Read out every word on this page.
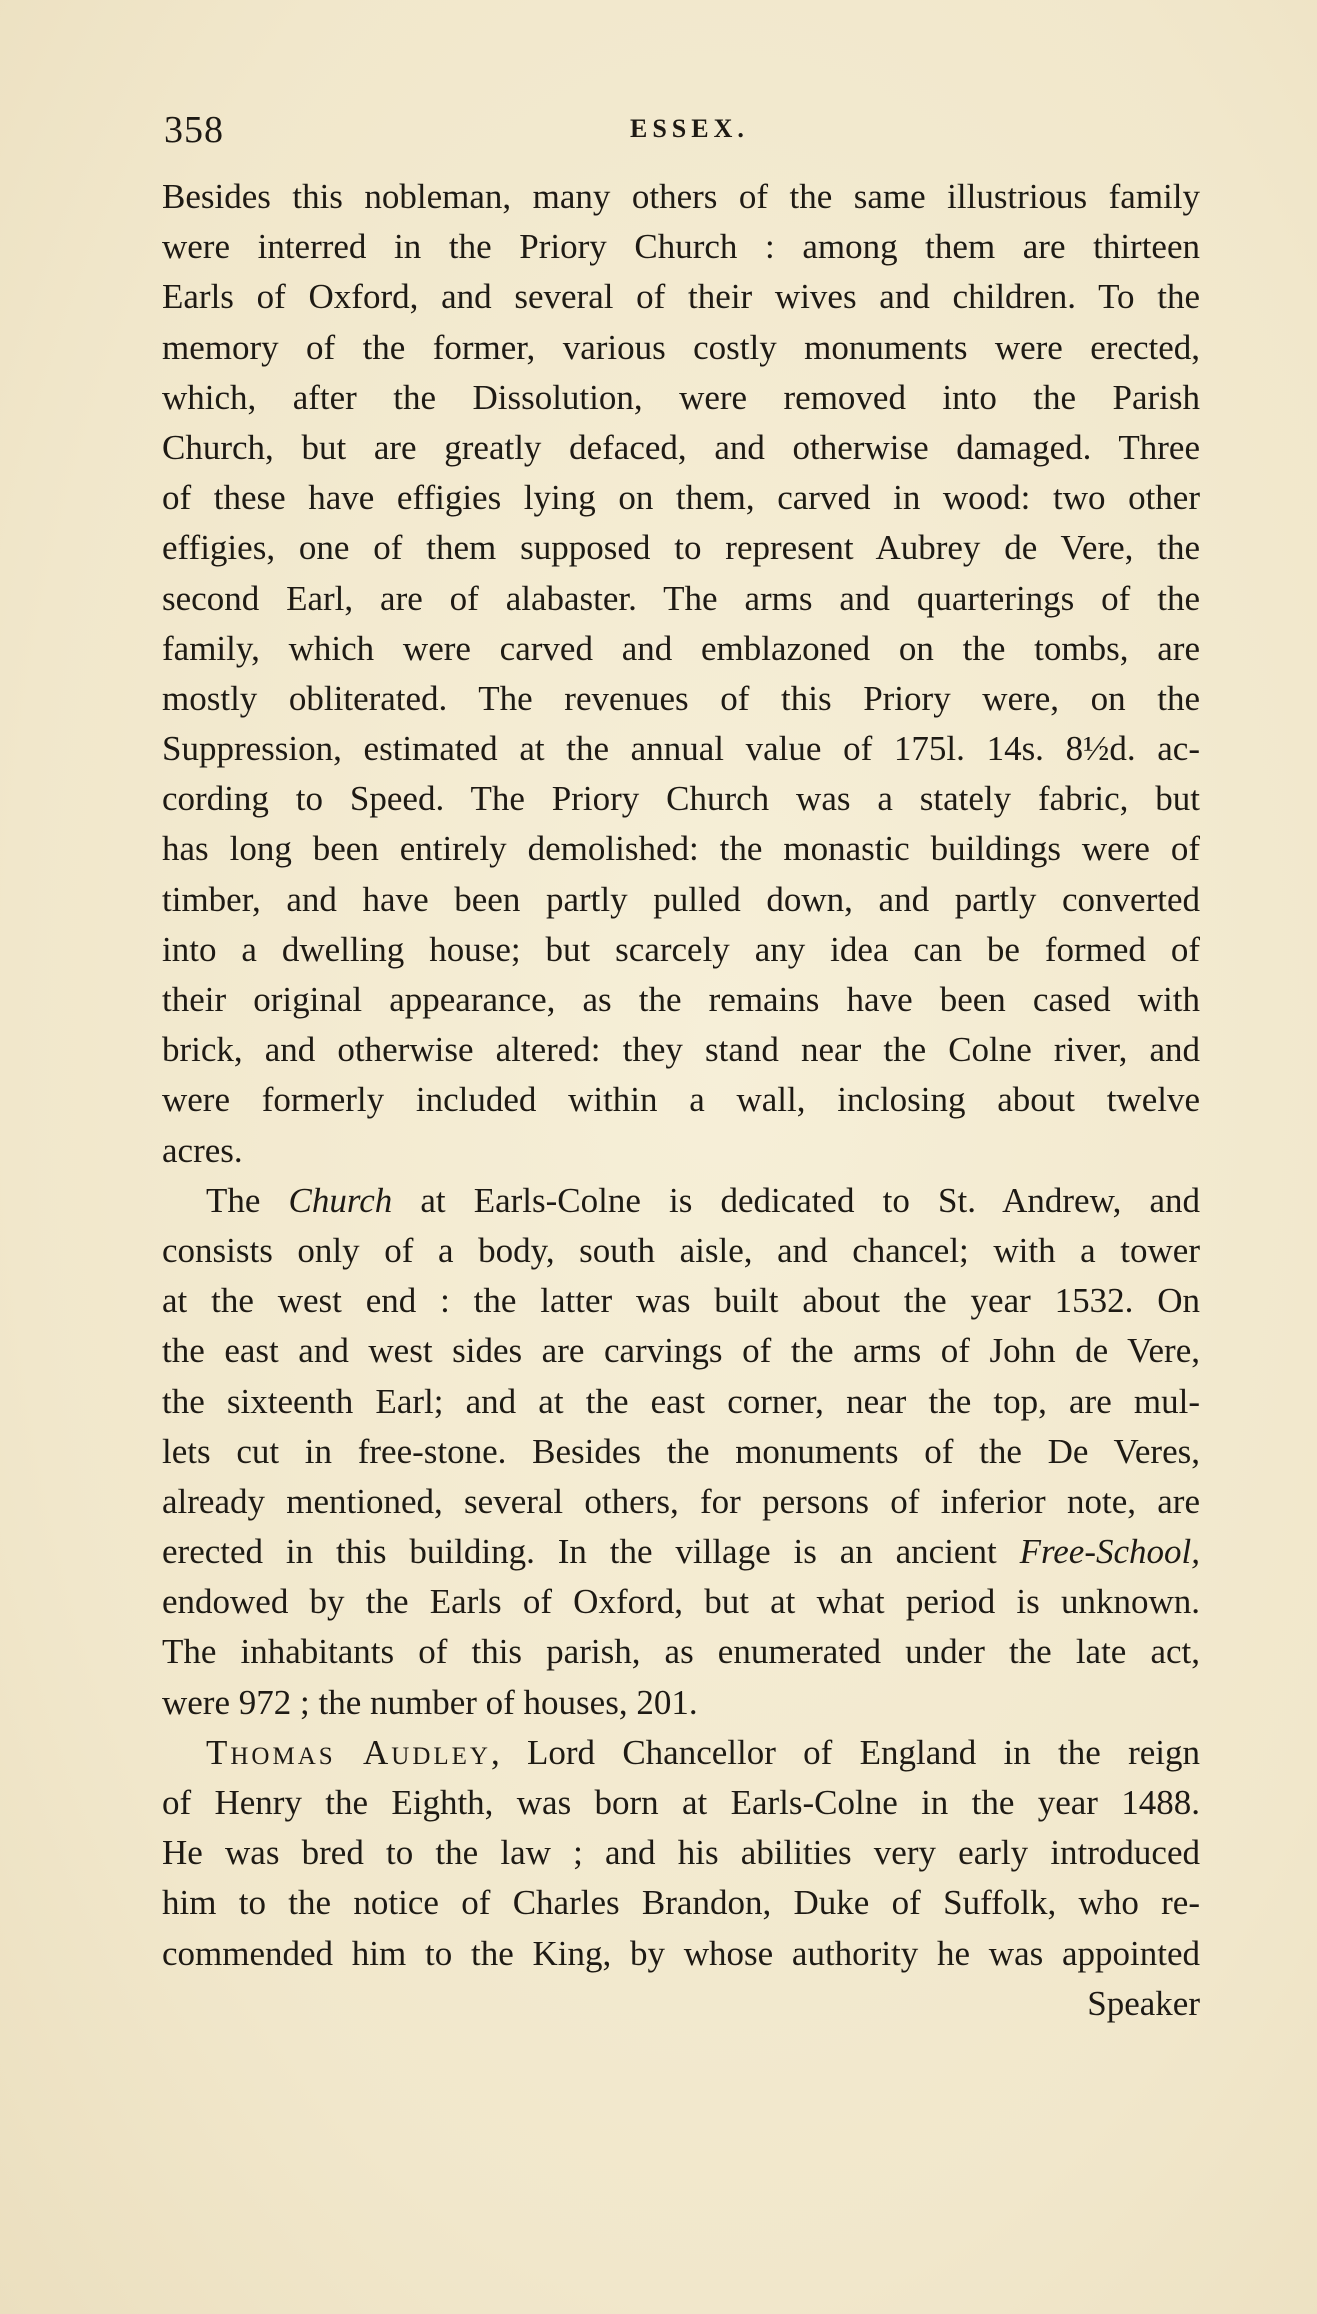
358	ESSEX.
Besides this nobleman, many others of the same illustrious family
were interred in the Priory Church : among them are thirteen
Earls of Oxford, and several of their wives and children. To the
memory of the former, various costly monuments were erected,
which, after the Dissolution, were removed into the Parish
Church, but are greatly defaced, and otherwise damaged. Three
of these have effigies lying on them, carved in wood: two other
effigies, one of them supposed to represent Aubrey de Vere, the
second Earl, are of alabaster. The arms and quarterings of the
family, which were carved and emblazoned on the tombs, are
mostly obliterated. The revenues of this Priory were, on the
Suppression, estimated at the annual value of 175l. 14s. 8½d. ac-
cording to Speed. The Priory Church was a stately fabric, but
has long been entirely demolished: the monastic buildings were of
timber, and have been partly pulled down, and partly converted
into a dwelling house; but scarcely any idea can be formed of
their original appearance, as the remains have been cased with
brick, and otherwise altered: they stand near the Colne river, and
were formerly included within a wall, inclosing about twelve
acres.
The Church at Earls-Colne is dedicated to St. Andrew, and
consists only of a body, south aisle, and chancel; with a tower
at the west end : the latter was built about the year 1532. On
the east and west sides are carvings of the arms of John de Vere,
the sixteenth Earl; and at the east corner, near the top, are mul-
lets cut in free-stone. Besides the monuments of the De Veres,
already mentioned, several others, for persons of inferior note, are
erected in this building. In the village is an ancient Free-School,
endowed by the Earls of Oxford, but at what period is unknown.
The inhabitants of this parish, as enumerated under the late act,
were 972 ; the number of houses, 201.
Thomas Audley, Lord Chancellor of England in the reign
of Henry the Eighth, was born at Earls-Colne in the year 1488.
He was bred to the law ; and his abilities very early introduced
him to the notice of Charles Brandon, Duke of Suffolk, who re-
commended him to the King, by whose authority he was appointed
Speaker
